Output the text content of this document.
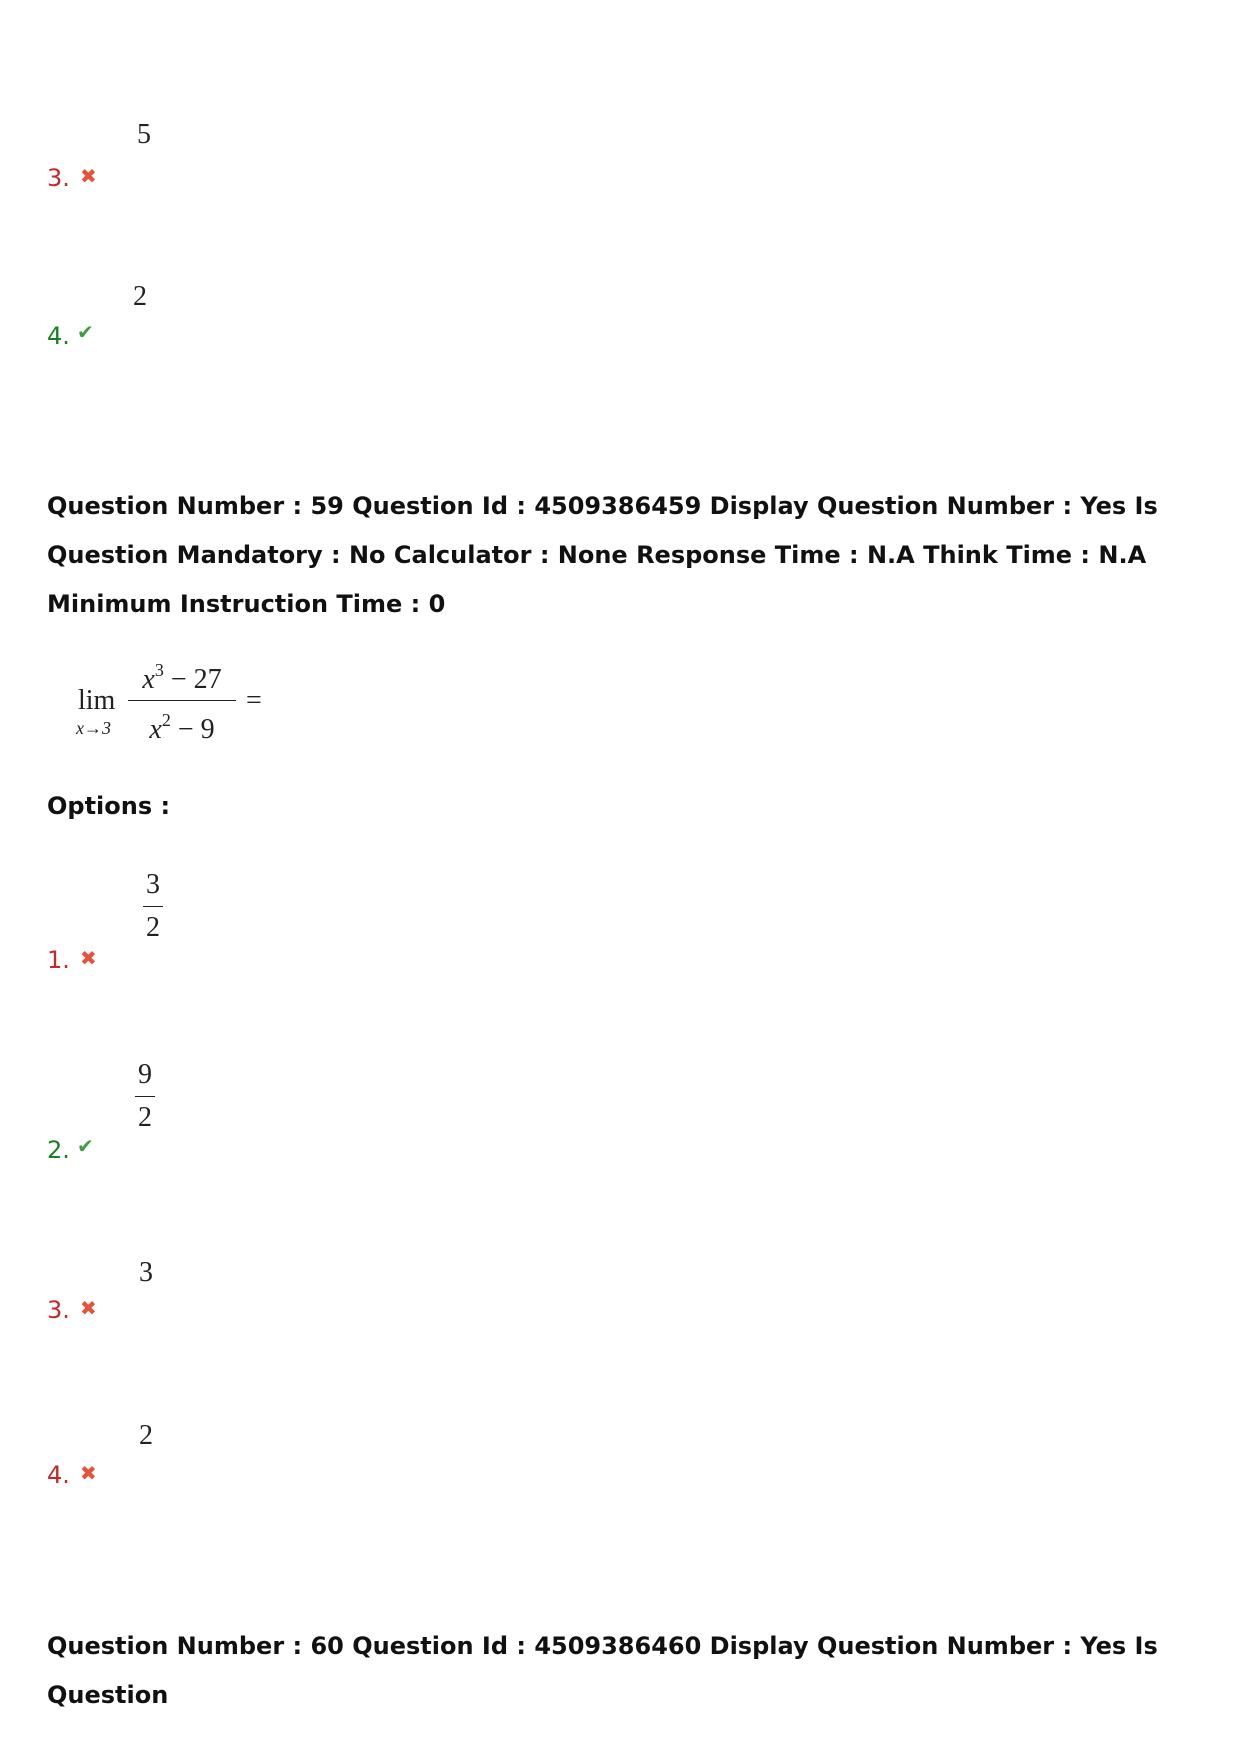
5
3. ✖
2
4. ✔
Question Number : 59 Question Id : 4509386459 Display Question Number : Yes Is Question Mandatory : No Calculator : None Response Time : N.A Think Time : N.A Minimum Instruction Time : 0
lim
x→3
$x^3 - 27$
$x^2 - 9$
=
Options :
3
2
1. ✖
9
2
2. ✔
3
3. ✖
2
4. ✖
Question Number : 60 Question Id : 4509386460 Display Question Number : Yes Is Question
